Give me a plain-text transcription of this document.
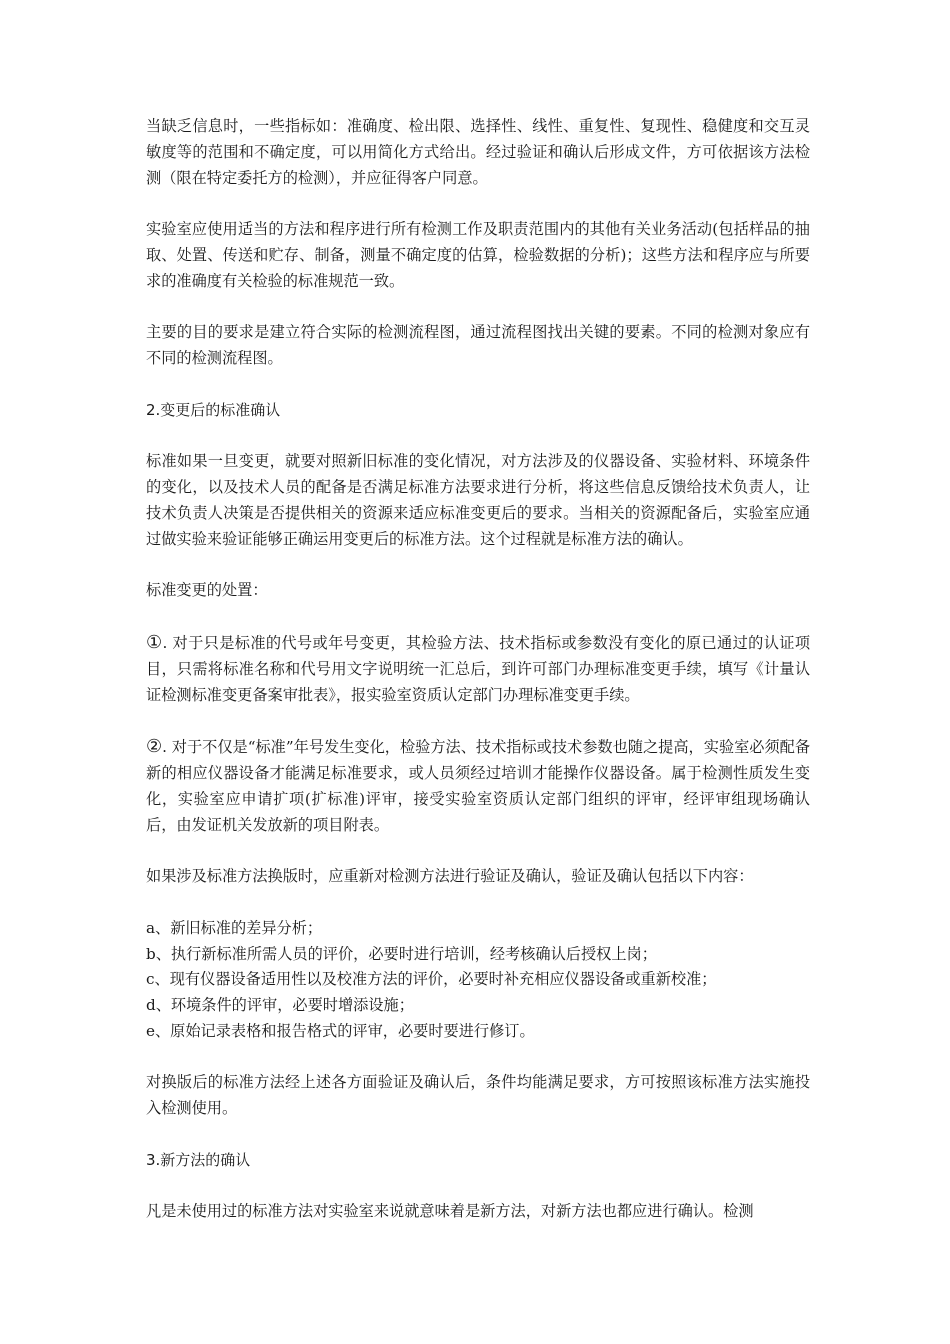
当缺乏信息时，一些指标如：准确度、检出限、选择性、线性、重复性、复现性、稳健度和交互灵敏度等的范围和不确定度，可以用简化方式给出。经过验证和确认后形成文件，方可依据该方法检测（限在特定委托方的检测），并应征得客户同意。

实验室应使用适当的方法和程序进行所有检测工作及职责范围内的其他有关业务活动(包括样品的抽取、处置、传送和贮存、制备，测量不确定度的估算，检验数据的分析)；这些方法和程序应与所要求的准确度有关检验的标准规范一致。

主要的目的要求是建立符合实际的检测流程图，通过流程图找出关键的要素。不同的检测对象应有不同的检测流程图。

2.变更后的标准确认

标准如果一旦变更，就要对照新旧标准的变化情况，对方法涉及的仪器设备、实验材料、环境条件的变化，以及技术人员的配备是否满足标准方法要求进行分析，将这些信息反馈给技术负责人，让技术负责人决策是否提供相关的资源来适应标准变更后的要求。当相关的资源配备后，实验室应通过做实验来验证能够正确运用变更后的标准方法。这个过程就是标准方法的确认。

标准变更的处置：

①. 对于只是标准的代号或年号变更，其检验方法、技术指标或参数没有变化的原已通过的认证项目，只需将标准名称和代号用文字说明统一汇总后，到许可部门办理标准变更手续，填写《计量认证检测标准变更备案审批表》，报实验室资质认定部门办理标准变更手续。

②. 对于不仅是“标准”年号发生变化，检验方法、技术指标或技术参数也随之提高，实验室必须配备新的相应仪器设备才能满足标准要求，或人员须经过培训才能操作仪器设备。属于检测性质发生变化，实验室应申请扩项(扩标准)评审，接受实验室资质认定部门组织的评审，经评审组现场确认后，由发证机关发放新的项目附表。

如果涉及标准方法换版时，应重新对检测方法进行验证及确认，验证及确认包括以下内容：

a、新旧标准的差异分析；
b、执行新标准所需人员的评价，必要时进行培训，经考核确认后授权上岗；
c、现有仪器设备适用性以及校准方法的评价，必要时补充相应仪器设备或重新校准；
d、环境条件的评审，必要时增添设施；
e、原始记录表格和报告格式的评审，必要时要进行修订。

对换版后的标准方法经上述各方面验证及确认后，条件均能满足要求，方可按照该标准方法实施投入检测使用。

3.新方法的确认

凡是未使用过的标准方法对实验室来说就意味着是新方法，对新方法也都应进行确认。检测
